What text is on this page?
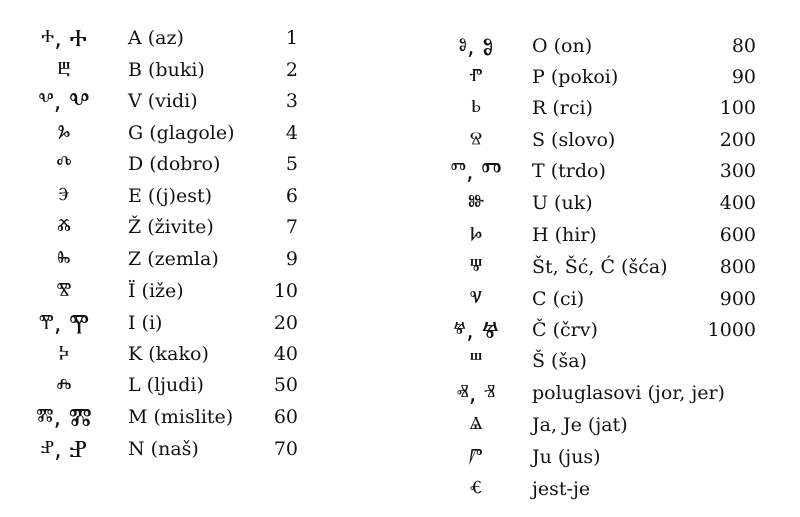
ⰰ, Ⰰ	A (az)	1
ⰱ	B (buki)	2
ⰲ, Ⰲ	V (vidi)	3
ⰳ	G (glagole)	4
ⰴ	D (dobro)	5
ⰵ	E ((j)est)	6
ⰶ	Ž (živite)	7
ⰸ	Z (zemla)	9
ⰺ	Ï (iže)	10
ⰹ, Ⰹ	I (i)	20
ⰽ	K (kako)	40
ⰾ	L (ljudi)	50
ⰿ, Ⰿ	M (mislite)	60
ⱀ, Ⱀ	N (naš)	70
ⱁ, Ⱁ	O (on)	80
ⱂ	P (pokoi)	90
ⱃ	R (rci)	100
ⱄ	S (slovo)	200
ⱅ, Ⱅ	T (trdo)	300
ⱆ	U (uk)	400
ⱈ	H (hir)	600
ⱋ	Št, Šć, Ć (šća)	800
ⱌ	C (ci)	900
ⱍ, Ⱍ	Č (črv)	1000
ⱎ	Š (ša)
ⱏ, ⱐ	poluglasovi (jor, jer)
ⱑ	Ja, Je (jat)
ⱓ	Ju (jus)
ⱔ	jest-je
